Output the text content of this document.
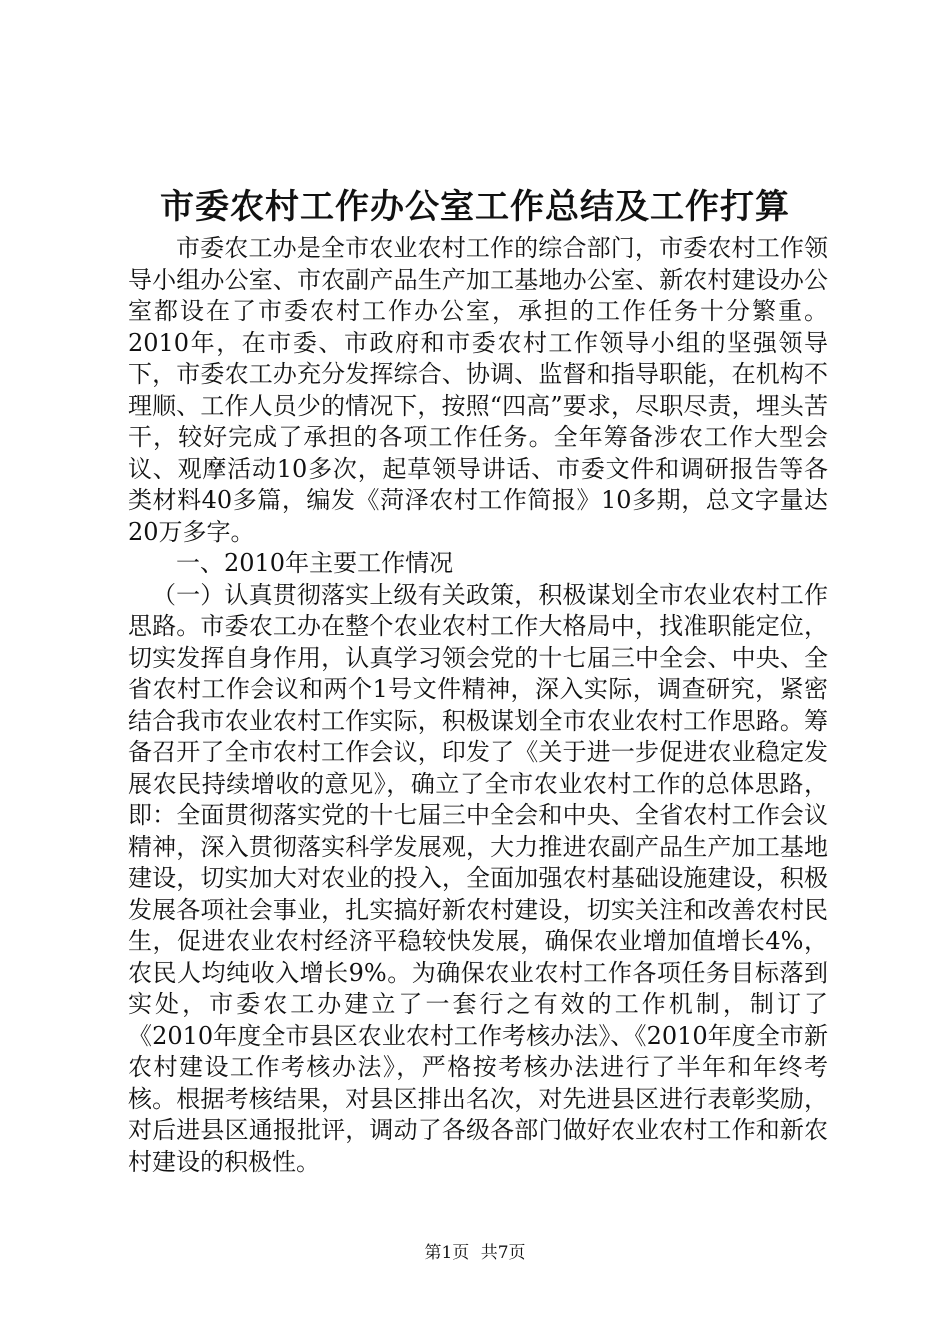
市委农村工作办公室工作总结及工作打算

市委农工办是全市农业农村工作的综合部门，市委农村工作领导小组办公室、市农副产品生产加工基地办公室、新农村建设办公室都设在了市委农村工作办公室，承担的工作任务十分繁重。2010年，在市委、市政府和市委农村工作领导小组的坚强领导下，市委农工办充分发挥综合、协调、监督和指导职能，在机构不理顺、工作人员少的情况下，按照“四高”要求，尽职尽责，埋头苦干，较好完成了承担的各项工作任务。全年筹备涉农工作大型会议、观摩活动10多次，起草领导讲话、市委文件和调研报告等各类材料40多篇，编发《菏泽农村工作简报》10多期，总文字量达20万多字。

一、2010年主要工作情况

（一）认真贯彻落实上级有关政策，积极谋划全市农业农村工作思路。市委农工办在整个农业农村工作大格局中，找准职能定位，切实发挥自身作用，认真学习领会党的十七届三中全会、中央、全省农村工作会议和两个1号文件精神，深入实际，调查研究，紧密结合我市农业农村工作实际，积极谋划全市农业农村工作思路。筹备召开了全市农村工作会议，印发了《关于进一步促进农业稳定发展农民持续增收的意见》，确立了全市农业农村工作的总体思路，即：全面贯彻落实党的十七届三中全会和中央、全省农村工作会议精神，深入贯彻落实科学发展观，大力推进农副产品生产加工基地建设，切实加大对农业的投入，全面加强农村基础设施建设，积极发展各项社会事业，扎实搞好新农村建设，切实关注和改善农村民生，促进农业农村经济平稳较快发展，确保农业增加值增长4%，农民人均纯收入增长9%。为确保农业农村工作各项任务目标落到实处，市委农工办建立了一套行之有效的工作机制，制订了《2010年度全市县区农业农村工作考核办法》、《2010年度全市新农村建设工作考核办法》，严格按考核办法进行了半年和年终考核。根据考核结果，对县区排出名次，对先进县区进行表彰奖励，对后进县区通报批评，调动了各级各部门做好农业农村工作和新农村建设的积极性。

第1页 共7页
